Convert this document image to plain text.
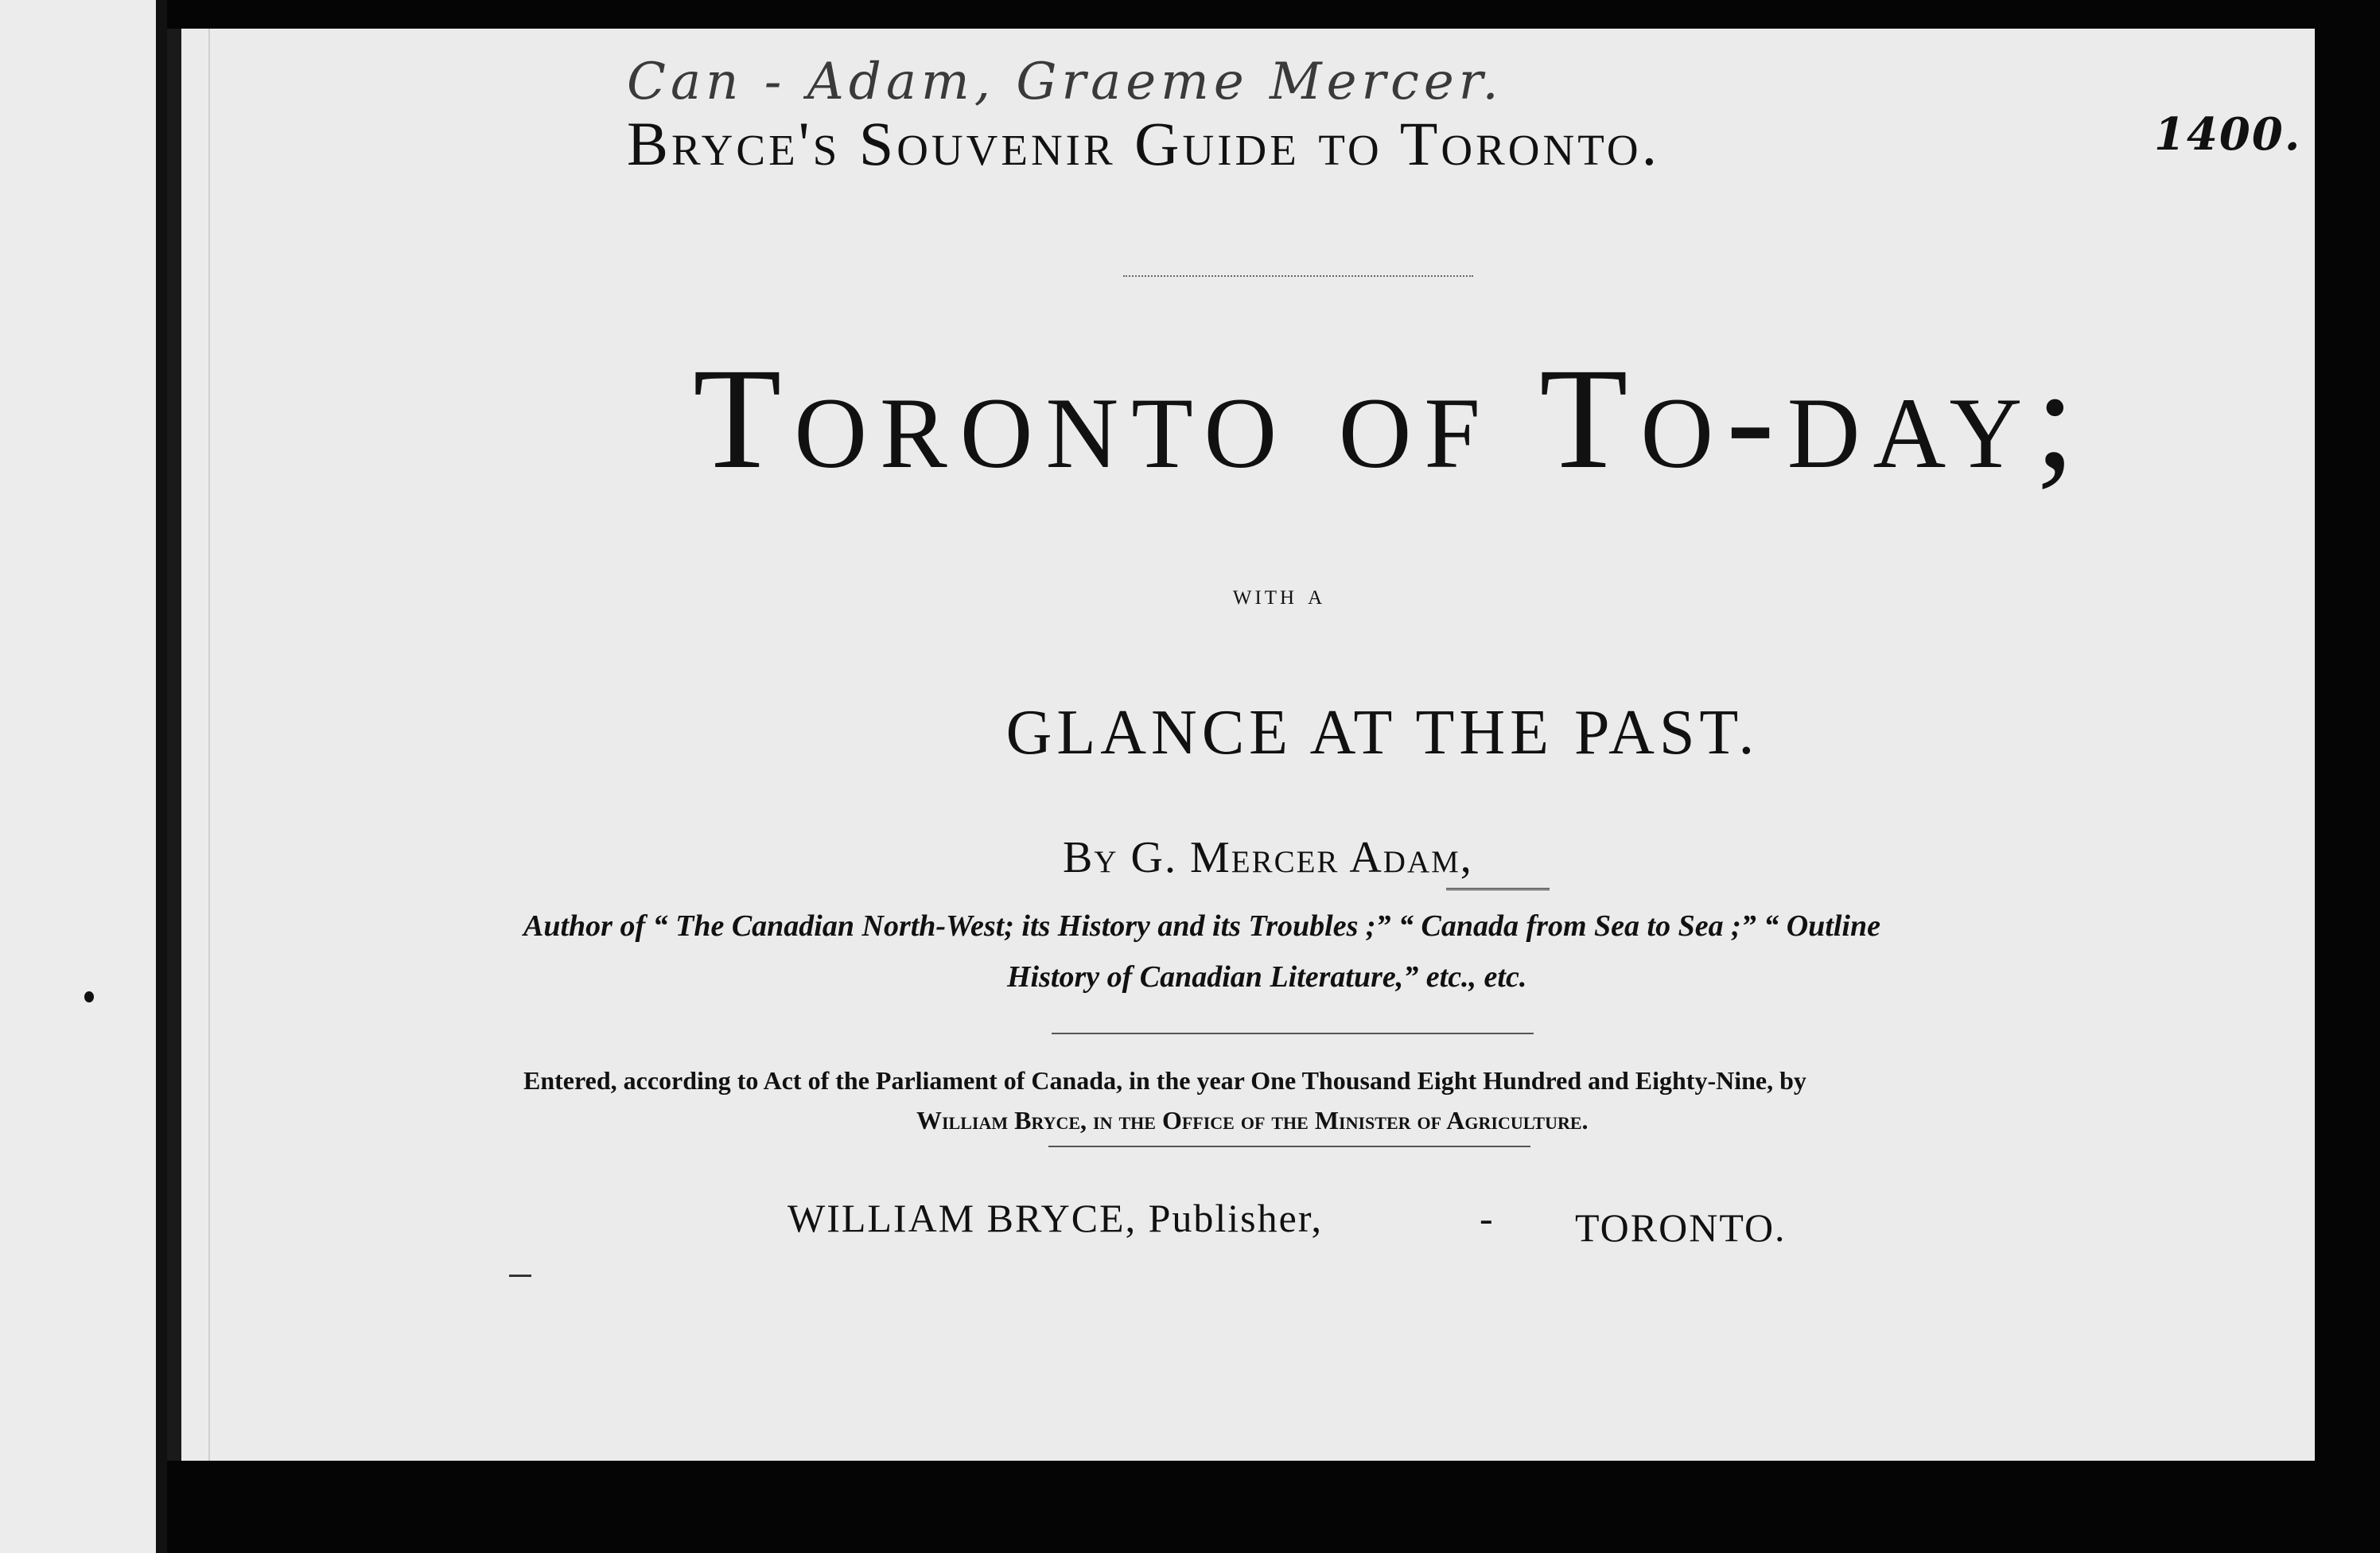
Can - Adam, Graeme Mercer.
1400.
Bryce's Souvenir Guide to Toronto.
Toronto of To-day;
with a
GLANCE AT THE PAST.
By G. Mercer Adam,
Author of “ The Canadian North-West; its History and its Troubles ;” “ Canada from Sea to Sea ;” “ Outline
History of Canadian Literature,” etc., etc.
Entered, according to Act of the Parliament of Canada, in the year One Thousand Eight Hundred and Eighty-Nine, by
William Bryce, in the Office of the Minister of Agriculture.
WILLIAM BRYCE, Publisher,	- TORONTO.
